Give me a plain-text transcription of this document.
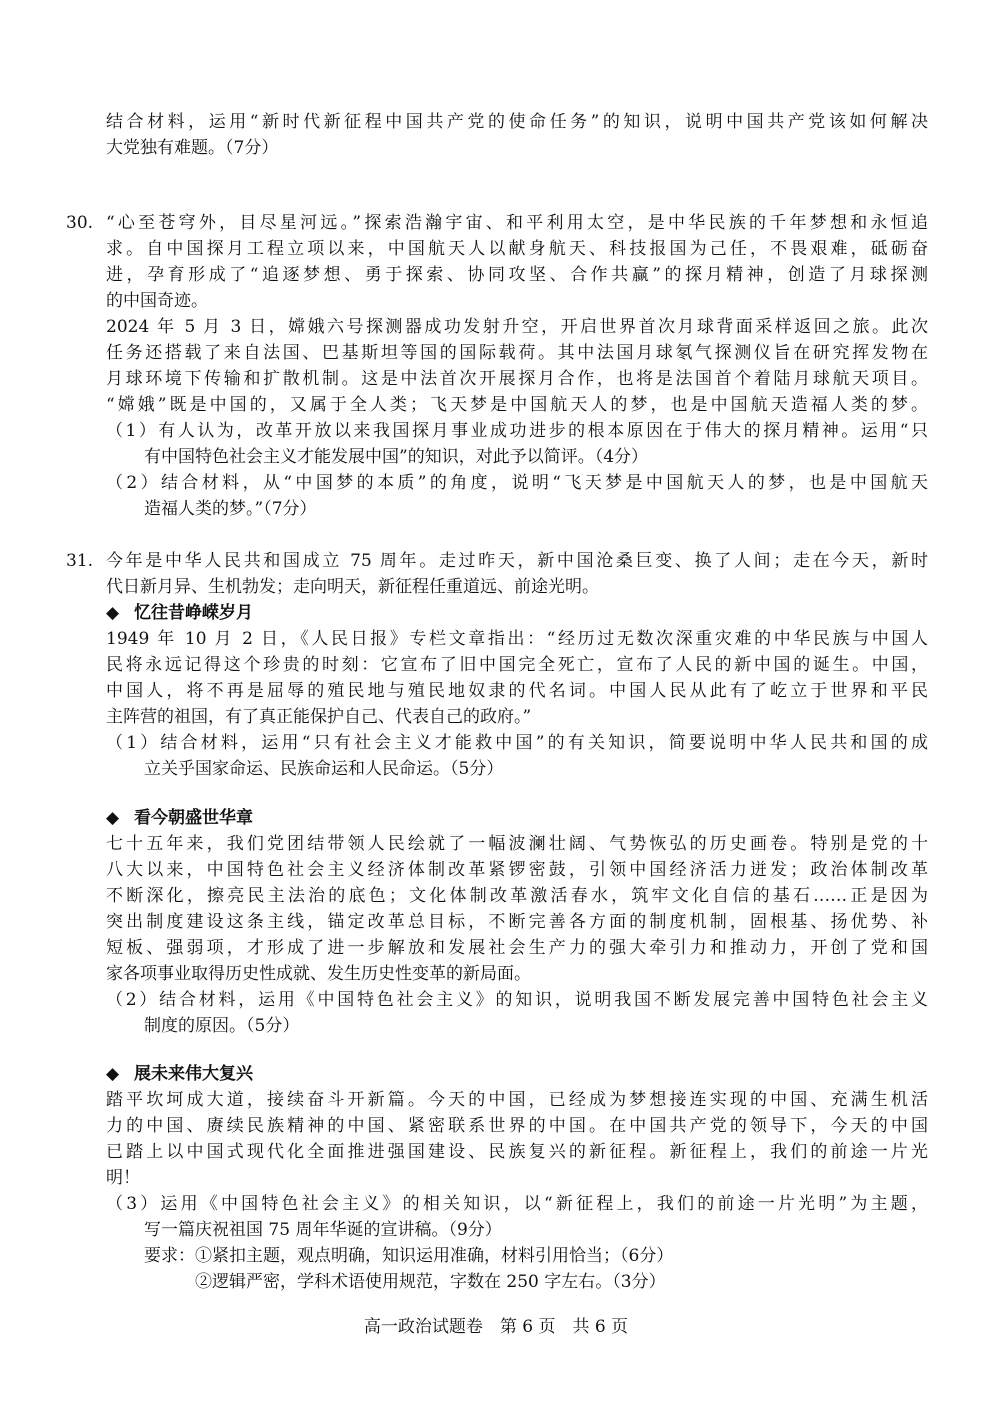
结合材料，运用“新时代新征程中国共产党的使命任务”的知识，说明中国共产党该如何解决
大党独有难题。（7分）
30. “心至苍穹外，目尽星河远。”探索浩瀚宇宙、和平利用太空，是中华民族的千年梦想和永恒追
求。自中国探月工程立项以来，中国航天人以献身航天、科技报国为己任，不畏艰难，砥砺奋
进，孕育形成了“追逐梦想、勇于探索、协同攻坚、合作共赢”的探月精神，创造了月球探测
的中国奇迹。
2024 年 5 月 3 日，嫦娥六号探测器成功发射升空，开启世界首次月球背面采样返回之旅。此次
任务还搭载了来自法国、巴基斯坦等国的国际载荷。其中法国月球氡气探测仪旨在研究挥发物在
月球环境下传输和扩散机制。这是中法首次开展探月合作，也将是法国首个着陆月球航天项目。
“嫦娥”既是中国的，又属于全人类；飞天梦是中国航天人的梦，也是中国航天造福人类的梦。
（1）有人认为，改革开放以来我国探月事业成功进步的根本原因在于伟大的探月精神。运用“只
有中国特色社会主义才能发展中国”的知识，对此予以简评。（4分）
（2）结合材料，从“中国梦的本质”的角度，说明“飞天梦是中国航天人的梦，也是中国航天
造福人类的梦。”（7分）
31. 今年是中华人民共和国成立 75 周年。走过昨天，新中国沧桑巨变、换了人间；走在今天，新时
代日新月异、生机勃发；走向明天，新征程任重道远、前途光明。
◆ 忆往昔峥嵘岁月
1949 年 10 月 2 日，《人民日报》专栏文章指出：“经历过无数次深重灾难的中华民族与中国人
民将永远记得这个珍贵的时刻：它宣布了旧中国完全死亡，宣布了人民的新中国的诞生。中国，
中国人，将不再是屈辱的殖民地与殖民地奴隶的代名词。中国人民从此有了屹立于世界和平民
主阵营的祖国，有了真正能保护自己、代表自己的政府。”
（1）结合材料，运用“只有社会主义才能救中国”的有关知识，简要说明中华人民共和国的成
立关乎国家命运、民族命运和人民命运。（5分）
◆ 看今朝盛世华章
七十五年来，我们党团结带领人民绘就了一幅波澜壮阔、气势恢弘的历史画卷。特别是党的十
八大以来，中国特色社会主义经济体制改革紧锣密鼓，引领中国经济活力迸发；政治体制改革
不断深化，擦亮民主法治的底色；文化体制改革激活春水，筑牢文化自信的基石……正是因为
突出制度建设这条主线，锚定改革总目标，不断完善各方面的制度机制，固根基、扬优势、补
短板、强弱项，才形成了进一步解放和发展社会生产力的强大牵引力和推动力，开创了党和国
家各项事业取得历史性成就、发生历史性变革的新局面。
（2）结合材料，运用《中国特色社会主义》的知识，说明我国不断发展完善中国特色社会主义
制度的原因。（5分）
◆ 展未来伟大复兴
踏平坎坷成大道，接续奋斗开新篇。今天的中国，已经成为梦想接连实现的中国、充满生机活
力的中国、赓续民族精神的中国、紧密联系世界的中国。在中国共产党的领导下，今天的中国
已踏上以中国式现代化全面推进强国建设、民族复兴的新征程。新征程上，我们的前途一片光
明！
（3）运用《中国特色社会主义》的相关知识，以“新征程上，我们的前途一片光明”为主题，
写一篇庆祝祖国 75 周年华诞的宣讲稿。（9分）
要求：①紧扣主题，观点明确，知识运用准确，材料引用恰当；（6分）
②逻辑严密，学科术语使用规范，字数在 250 字左右。（3分）
高一政治试题卷　第 6 页　共 6 页
